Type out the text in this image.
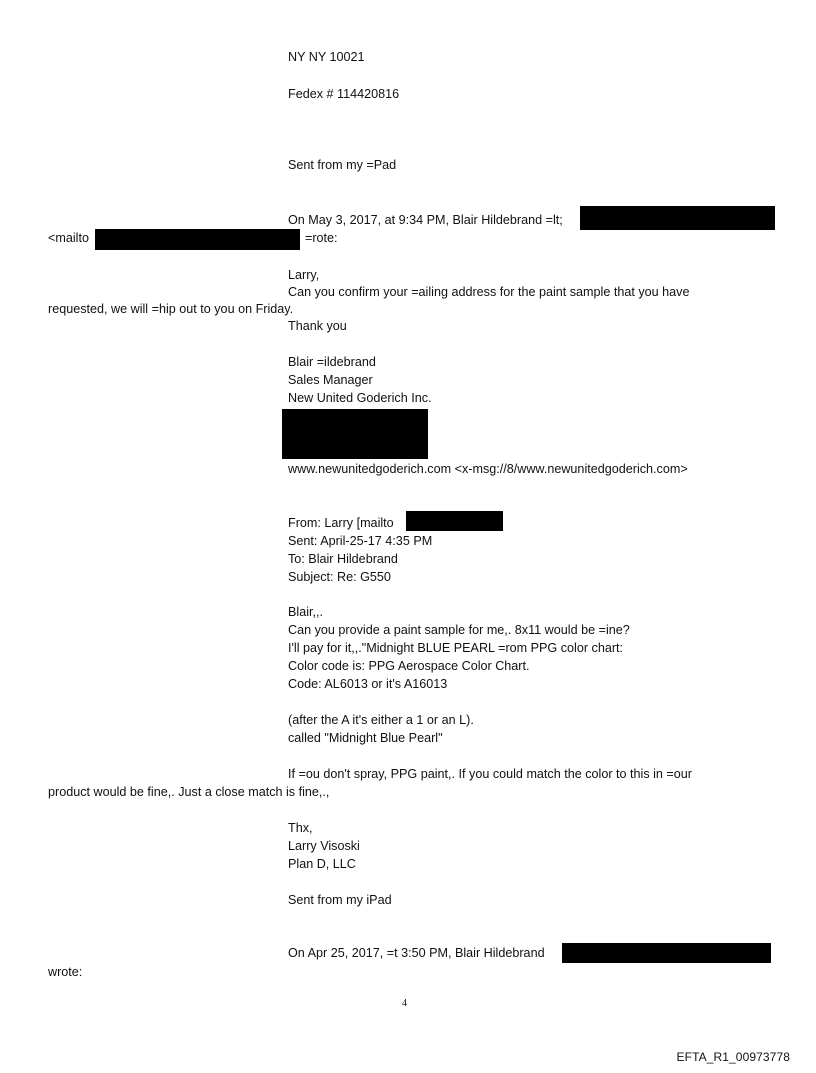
NY NY 10021
Fedex # 114420816
Sent from my =Pad
On May 3, 2017, at 9:34 PM, Blair Hildebrand =lt;
<mailto	=rote:
Larry,
Can you confirm your =ailing address for the paint sample that you have
requested, we will =hip out to you on Friday.
Thank you
Blair =ildebrand
Sales Manager
New United Goderich Inc.
www.newunitedgoderich.com <x-msg://8/www.newunitedgoderich.com>
From: Larry [mailto
Sent: April-25-17 4:35 PM
To: Blair Hildebrand
Subject: Re: G550
Blair,,.
Can you provide a paint sample for me,. 8x11 would be =ine?
I'll pay for it,,."Midnight BLUE PEARL =rom PPG color chart:
Color code is: PPG Aerospace Color Chart.
Code: AL6013 or it's A16013
(after the A it's either a 1 or an L).
called "Midnight Blue Pearl"
If =ou don't spray, PPG paint,. If you could match the color to this in =our
product would be fine,. Just a close match is fine,.,
Thx,
Larry Visoski
Plan D, LLC
Sent from my iPad
On Apr 25, 2017, =t 3:50 PM, Blair Hildebrand
wrote:
4
EFTA_R1_00973778
